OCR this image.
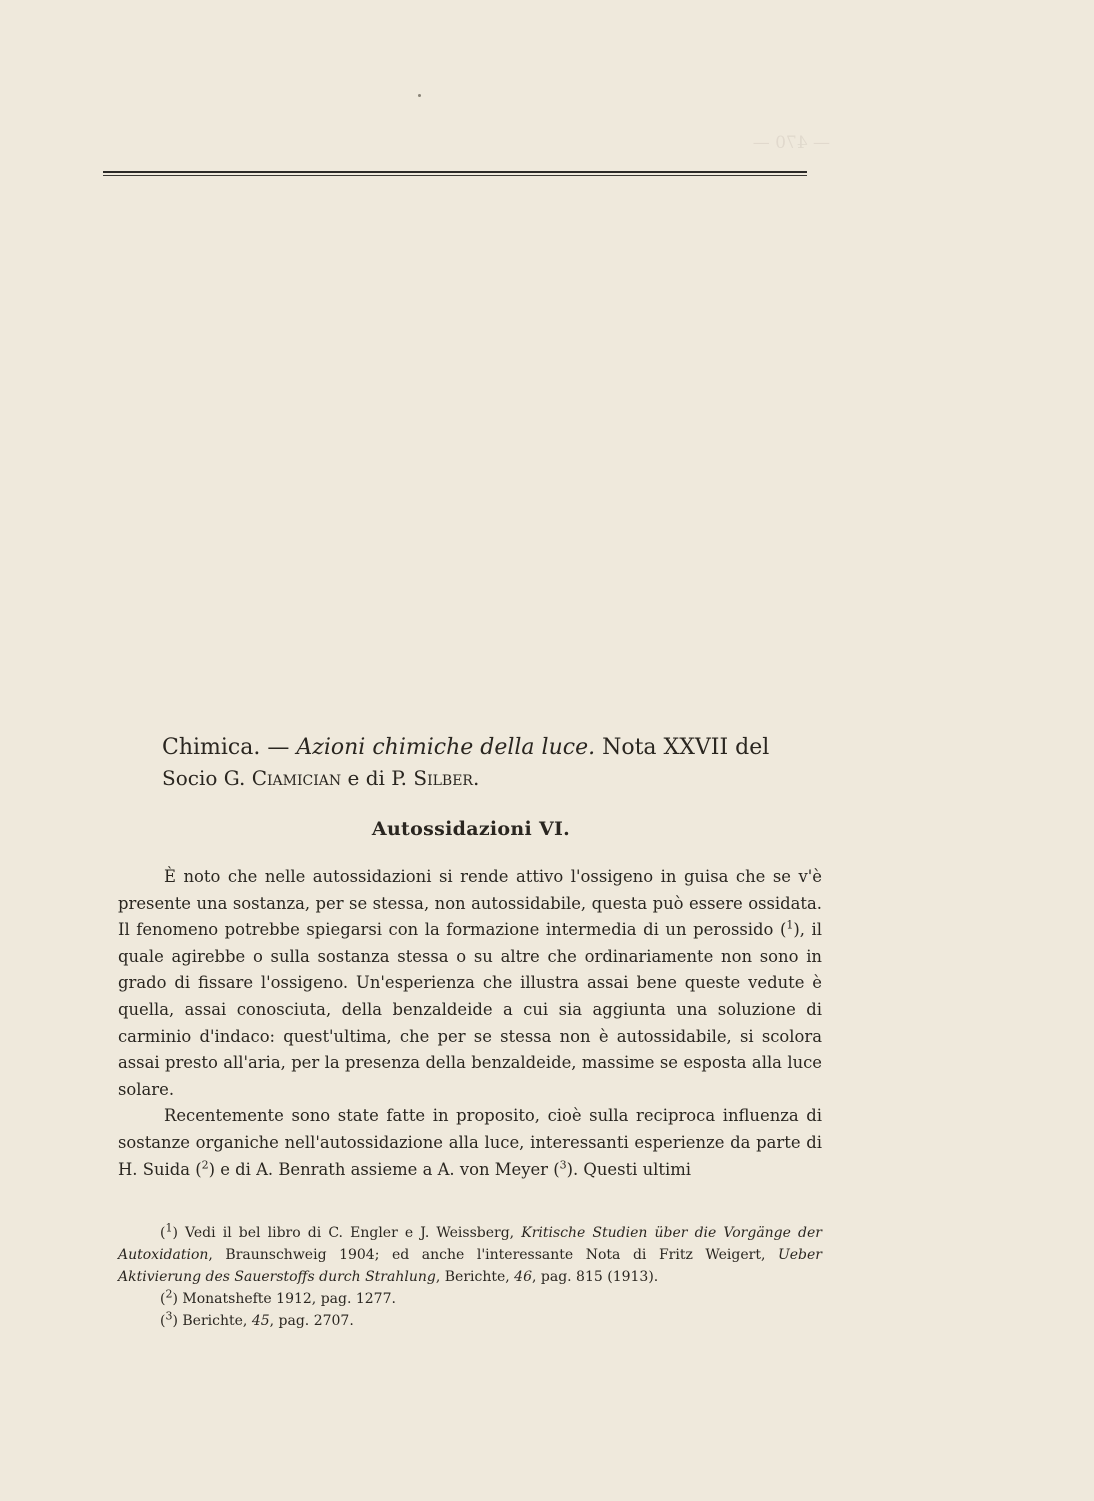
Chimica. — Azioni chimiche della luce. Nota XXVII del
Socio G. Ciamician e di P. Silber.
Autossidazioni VI.

È noto che nelle autossidazioni si rende attivo l'ossigeno in guisa che se v'è presente una sostanza, per se stessa, non autossidabile, questa può essere ossidata. Il fenomeno potrebbe spiegarsi con la formazione intermedia di un perossido ($^1$), il quale agirebbe o sulla sostanza stessa o su altre che ordinariamente non sono in grado di fissare l'ossigeno. Un'esperienza che illustra assai bene queste vedute è quella, assai conosciuta, della benzaldeide a cui sia aggiunta una soluzione di carminio d'indaco: quest'ultima, che per se stessa non è autossidabile, si scolora assai presto all'aria, per la presenza della benzaldeide, massime se esposta alla luce solare.

Recentemente sono state fatte in proposito, cioè sulla reciproca influenza di sostanze organiche nell'autossidazione alla luce, interessanti esperienze da parte di H. Suida ($^2$) e di A. Benrath assieme a A. von Meyer ($^3$). Questi ultimi

($^1$) Vedi il bel libro di C. Engler e J. Weissberg, Kritische Studien über die Vorgänge der Autoxidation, Braunschweig 1904; ed anche l'interessante Nota di Fritz Weigert, Ueber Aktivierung des Sauerstoffs durch Strahlung, Berichte, 46, pag. 815 (1913).

($^2$) Monatshefte 1912, pag. 1277.

($^3$) Berichte, 45, pag. 2707.

— 470 —
